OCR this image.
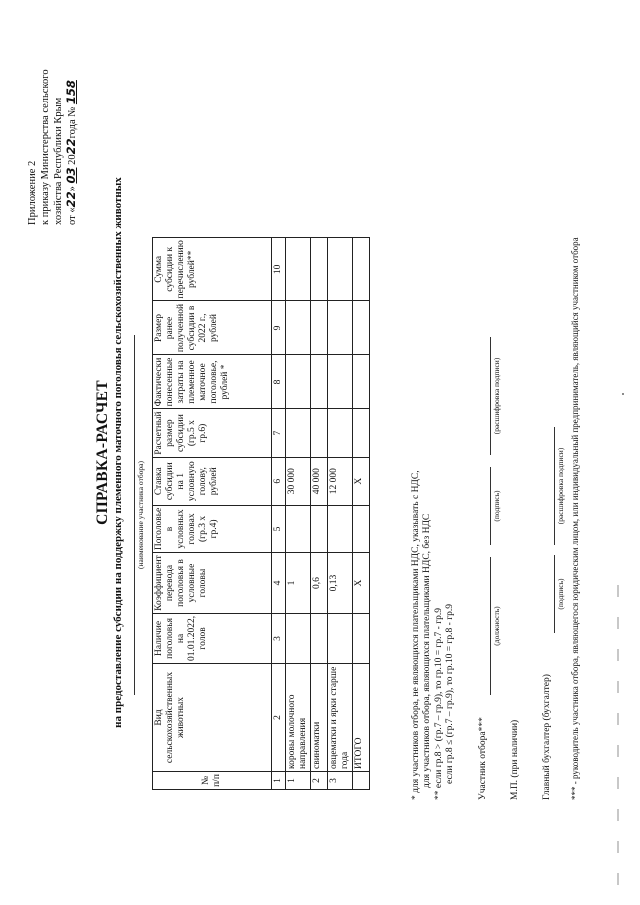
Приложение 2 к приказу Министерства сельского хозяйства Республики Крым от «22» 03 2022года № 158
СПРАВКА-РАСЧЕТ на предоставление субсидии на поддержку племенного маточного поголовья сельскохозяйственных животных (наименование участника отбора)
№ п/п	Вид сельскохозяйственных животных	Наличие поголовья на 01.01.2022, голов	Коэффициент перевода поголовья в условные головы	Поголовье в условных головах (гр.3 х гр.4)	Ставка субсидии на 1 условную голову, рублей	Расчетный размер субсидии (гр.5 х гр.6)	Фактически понесенные затраты на племенное маточное поголовье, рублей *	Размер ранее полученной субсидии в 2022 г., рублей	Сумма субсидии к перечислению рублей**
1	2	3	4	5	6	7	8	9	10
1	коровы молочного направления		1		30 000				
2	свиноматки		0,6		40 000				
3	овцематки и ярки старше года		0,13		12 000				
	ИТОГО		X		X					* для участников отбора, не являющихся плательщиками НДС, указывать с НДС, для участников отбора, являющихся плательщиками НДС, без НДС ** если гр.8 > (гр.7 – гр.9), то гр.10 = гр.7 - гр.9 если гр.8 ≤ (гр.7 – гр.9), то гр.10 = гр.8 - гр.9 Участник отбора***
(должность)
(подпись)
(расшифровка подписи)
М.П. (при наличии) Главный бухгалтер (бухгалтер)
(подпись)
(расшифровка подписи) *** - руководитель участника отбора, являющегося юридическим лицом, или индивидуальный предприниматель, являющийся участником отбора
